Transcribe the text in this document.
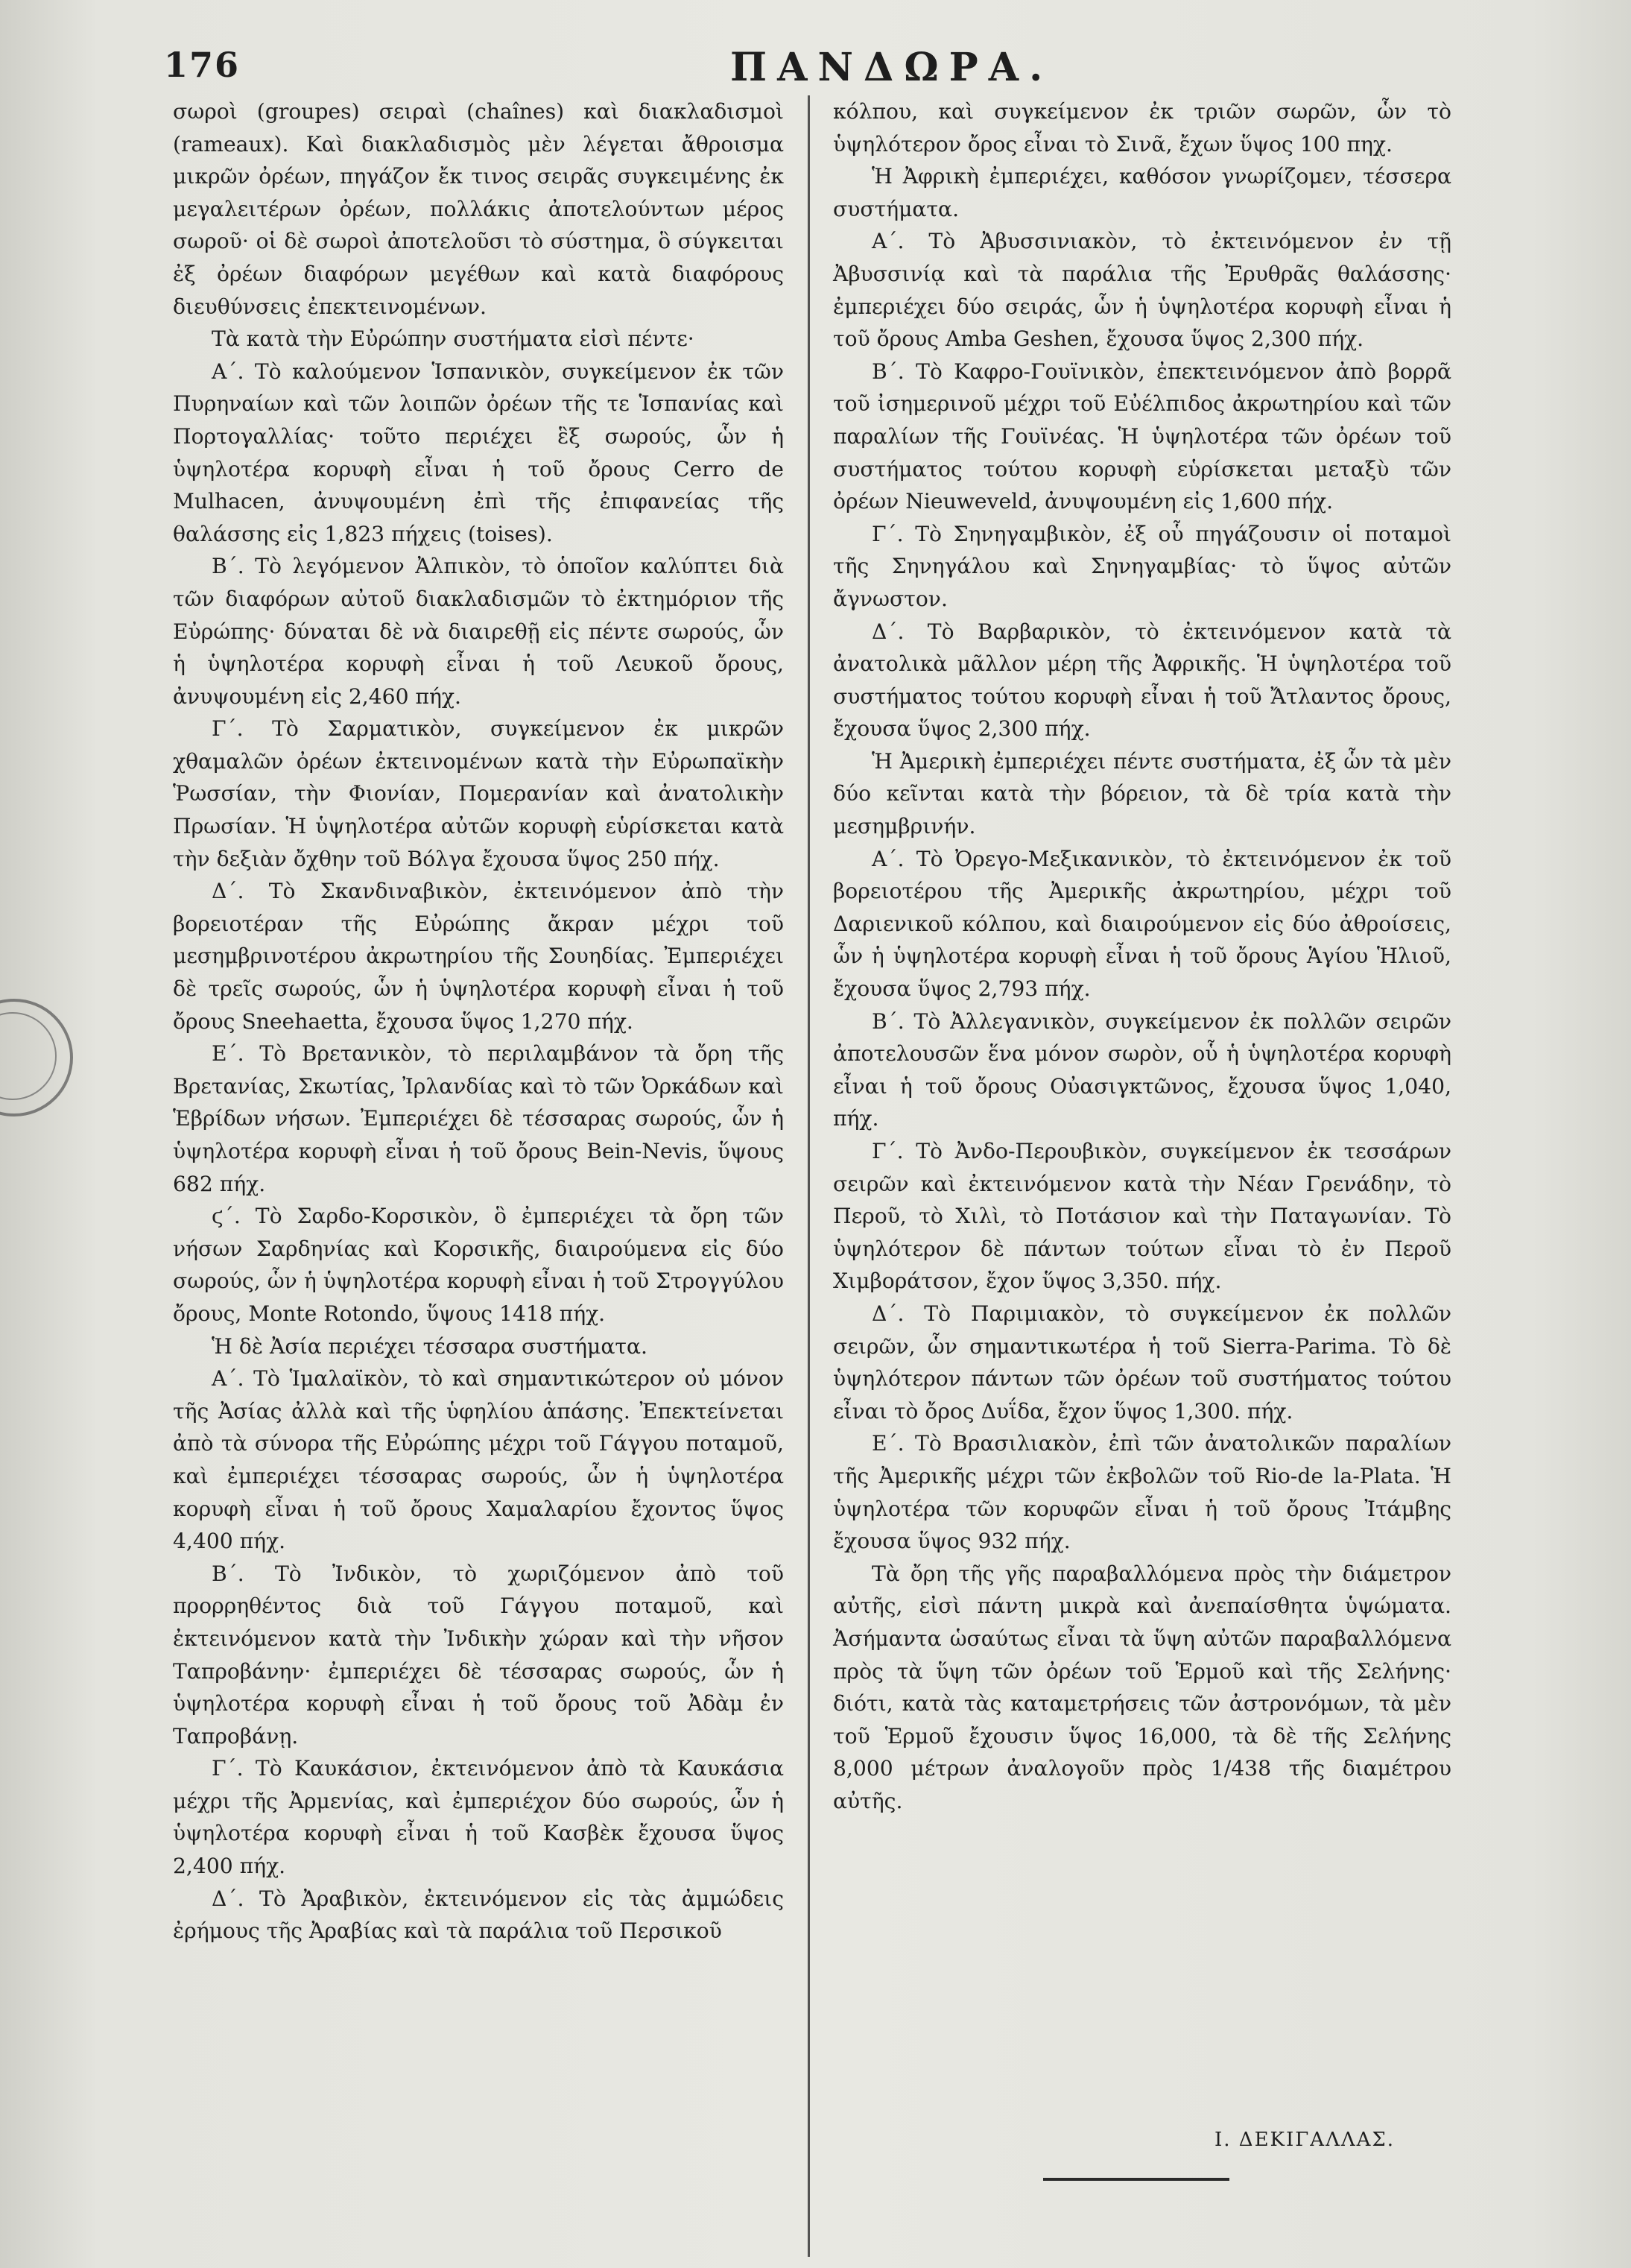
176	ΠΑΝΔΩΡΑ.

σωροὶ (groupes) σειραὶ (chaînes) καὶ διακλαδισμοὶ (rameaux). Καὶ διακλαδισμὸς μὲν λέγεται ἄθροισμα μικρῶν ὀρέων, πηγάζον ἔκ τινος σειρᾶς συγκειμένης ἐκ μεγαλειτέρων ὀρέων, πολλάκις ἀποτελούντων μέρος σωροῦ· οἱ δὲ σωροὶ ἀποτελοῦσι τὸ σύστημα, ὃ σύγκειται ἐξ ὀρέων διαφόρων μεγέθων καὶ κατὰ διαφόρους διευθύνσεις ἐπεκτεινομένων.

Τὰ κατὰ τὴν Εὐρώπην συστήματα εἰσὶ πέντε·

Α΄. Τὸ καλούμενον Ἱσπανικὸν, συγκείμενον ἐκ τῶν Πυρηναίων καὶ τῶν λοιπῶν ὀρέων τῆς τε Ἱσπανίας καὶ Πορτογαλλίας· τοῦτο περιέχει ἓξ σωρούς, ὧν ἡ ὑψηλοτέρα κορυφὴ εἶναι ἡ τοῦ ὄρους Cerro de Mulhacen, ἀνυψουμένη ἐπὶ τῆς ἐπιφανείας τῆς θαλάσσης εἰς 1,823 πήχεις (toises).

Β΄. Τὸ λεγόμενον Ἀλπικὸν, τὸ ὁποῖον καλύπτει διὰ τῶν διαφόρων αὐτοῦ διακλαδισμῶν τὸ ἐκτημόριον τῆς Εὐρώπης· δύναται δὲ νὰ διαιρεθῇ εἰς πέντε σωρούς, ὧν ἡ ὑψηλοτέρα κορυφὴ εἶναι ἡ τοῦ Λευκοῦ ὄρους, ἀνυψουμένη εἰς 2,460 πήχ.

Γ΄. Τὸ Σαρματικὸν, συγκείμενον ἐκ μικρῶν χθαμαλῶν ὀρέων ἐκτεινομένων κατὰ τὴν Εὐρωπαϊκὴν Ῥωσσίαν, τὴν Φιονίαν, Πομερανίαν καὶ ἀνατολικὴν Πρωσίαν. Ἡ ὑψηλοτέρα αὐτῶν κορυφὴ εὑρίσκεται κατὰ τὴν δεξιὰν ὄχθην τοῦ Βόλγα ἔχουσα ὕψος 250 πήχ.

Δ΄. Τὸ Σκανδιναβικὸν, ἐκτεινόμενον ἀπὸ τὴν βορειοτέραν τῆς Εὐρώπης ἄκραν μέχρι τοῦ μεσημβρινοτέρου ἀκρωτηρίου τῆς Σουηδίας. Ἐμπεριέχει δὲ τρεῖς σωρούς, ὧν ἡ ὑψηλοτέρα κορυφὴ εἶναι ἡ τοῦ ὄρους Sneehaetta, ἔχουσα ὕψος 1,270 πήχ.

Ε΄. Τὸ Βρετανικὸν, τὸ περιλαμβάνον τὰ ὄρη τῆς Βρετανίας, Σκωτίας, Ἰρλανδίας καὶ τὸ τῶν Ὀρκάδων καὶ Ἑβρίδων νήσων. Ἐμπεριέχει δὲ τέσσαρας σωρούς, ὧν ἡ ὑψηλοτέρα κορυφὴ εἶναι ἡ τοῦ ὄρους Bein-Nevis, ὕψους 682 πήχ.

ϛ΄. Τὸ Σαρδο-Κορσικὸν, ὃ ἐμπεριέχει τὰ ὄρη τῶν νήσων Σαρδηνίας καὶ Κορσικῆς, διαιρούμενα εἰς δύο σωρούς, ὧν ἡ ὑψηλοτέρα κορυφὴ εἶναι ἡ τοῦ Στρογγύλου ὄρους, Monte Rotondo, ὕψους 1418 πήχ.

Ἡ δὲ Ἀσία περιέχει τέσσαρα συστήματα.

Α΄. Τὸ Ἱμαλαϊκὸν, τὸ καὶ σημαντικώτερον οὐ μόνον τῆς Ἀσίας ἀλλὰ καὶ τῆς ὑφηλίου ἁπάσης. Ἐπεκτείνεται ἀπὸ τὰ σύνορα τῆς Εὐρώπης μέχρι τοῦ Γάγγου ποταμοῦ, καὶ ἐμπεριέχει τέσσαρας σωρούς, ὧν ἡ ὑψηλοτέρα κορυφὴ εἶναι ἡ τοῦ ὄρους Χαμαλαρίου ἔχοντος ὕψος 4,400 πήχ.

Β΄. Τὸ Ἰνδικὸν, τὸ χωριζόμενον ἀπὸ τοῦ προρρηθέντος διὰ τοῦ Γάγγου ποταμοῦ, καὶ ἐκτεινόμενον κατὰ τὴν Ἰνδικὴν χώραν καὶ τὴν νῆσον Ταπροβάνην· ἐμπεριέχει δὲ τέσσαρας σωρούς, ὧν ἡ ὑψηλοτέρα κορυφὴ εἶναι ἡ τοῦ ὄρους τοῦ Ἀδὰμ ἐν Ταπροβάνῃ.

Γ΄. Τὸ Καυκάσιον, ἐκτεινόμενον ἀπὸ τὰ Καυκάσια μέχρι τῆς Ἀρμενίας, καὶ ἐμπεριέχον δύο σωρούς, ὧν ἡ ὑψηλοτέρα κορυφὴ εἶναι ἡ τοῦ Κασβὲκ ἔχουσα ὕψος 2,400 πήχ.

Δ΄. Τὸ Ἀραβικὸν, ἐκτεινόμενον εἰς τὰς ἀμμώδεις ἐρήμους τῆς Ἀραβίας καὶ τὰ παράλια τοῦ Περσικοῦ

κόλπου, καὶ συγκείμενον ἐκ τριῶν σωρῶν, ὧν τὸ ὑψηλότερον ὄρος εἶναι τὸ Σινᾶ, ἔχων ὕψος 100 πηχ.

Ἡ Ἀφρικὴ ἐμπεριέχει, καθόσον γνωρίζομεν, τέσσερα συστήματα.

Α΄. Τὸ Ἀβυσσινιακὸν, τὸ ἐκτεινόμενον ἐν τῇ Ἀβυσσινίᾳ καὶ τὰ παράλια τῆς Ἐρυθρᾶς θαλάσσης· ἐμπεριέχει δύο σειράς, ὧν ἡ ὑψηλοτέρα κορυφὴ εἶναι ἡ τοῦ ὄρους Amba Geshen, ἔχουσα ὕψος 2,300 πήχ.

Β΄. Τὸ Καφρο-Γουϊνικὸν, ἐπεκτεινόμενον ἀπὸ βορρᾶ τοῦ ἰσημερινοῦ μέχρι τοῦ Εὐέλπιδος ἀκρωτηρίου καὶ τῶν παραλίων τῆς Γουϊνέας. Ἡ ὑψηλοτέρα τῶν ὀρέων τοῦ συστήματος τούτου κορυφὴ εὑρίσκεται μεταξὺ τῶν ὀρέων Nieuweveld, ἀνυψουμένη εἰς 1,600 πήχ.

Γ΄. Τὸ Σηνηγαμβικὸν, ἐξ οὗ πηγάζουσιν οἱ ποταμοὶ τῆς Σηνηγάλου καὶ Σηνηγαμβίας· τὸ ὕψος αὐτῶν ἄγνωστον.

Δ΄. Τὸ Βαρβαρικὸν, τὸ ἐκτεινόμενον κατὰ τὰ ἀνατολικὰ μᾶλλον μέρη τῆς Ἀφρικῆς. Ἡ ὑψηλοτέρα τοῦ συστήματος τούτου κορυφὴ εἶναι ἡ τοῦ Ἄτλαντος ὄρους, ἔχουσα ὕψος 2,300 πήχ.

Ἡ Ἀμερικὴ ἐμπεριέχει πέντε συστήματα, ἐξ ὧν τὰ μὲν δύο κεῖνται κατὰ τὴν βόρειον, τὰ δὲ τρία κατὰ τὴν μεσημβρινήν.

Α΄. Τὸ Ὀρεγο-Μεξικανικὸν, τὸ ἐκτεινόμενον ἐκ τοῦ βορειοτέρου τῆς Ἀμερικῆς ἀκρωτηρίου, μέχρι τοῦ Δαριενικοῦ κόλπου, καὶ διαιρούμενον εἰς δύο ἀθροίσεις, ὧν ἡ ὑψηλοτέρα κορυφὴ εἶναι ἡ τοῦ ὄρους Ἁγίου Ἡλιοῦ, ἔχουσα ὕψος 2,793 πήχ.

Β΄. Τὸ Ἀλλεγανικὸν, συγκείμενον ἐκ πολλῶν σειρῶν ἀποτελουσῶν ἕνα μόνον σωρὸν, οὗ ἡ ὑψηλοτέρα κορυφὴ εἶναι ἡ τοῦ ὄρους Οὐασιγκτῶνος, ἔχουσα ὕψος 1,040, πήχ.

Γ΄. Τὸ Ἀνδο-Περουβικὸν, συγκείμενον ἐκ τεσσάρων σειρῶν καὶ ἐκτεινόμενον κατὰ τὴν Νέαν Γρενάδην, τὸ Περοῦ, τὸ Χιλὶ, τὸ Ποτάσιον καὶ τὴν Παταγωνίαν. Τὸ ὑψηλότερον δὲ πάντων τούτων εἶναι τὸ ἐν Περοῦ Χιμβοράτσον, ἔχον ὕψος 3,350. πήχ.

Δ΄. Τὸ Παριμιακὸν, τὸ συγκείμενον ἐκ πολλῶν σειρῶν, ὧν σημαντικωτέρα ἡ τοῦ Sierra-Parima. Τὸ δὲ ὑψηλότερον πάντων τῶν ὀρέων τοῦ συστήματος τούτου εἶναι τὸ ὄρος Δυΐδα, ἔχον ὕψος 1,300. πήχ.

Ε΄. Τὸ Βρασιλιακὸν, ἐπὶ τῶν ἀνατολικῶν παραλίων τῆς Ἀμερικῆς μέχρι τῶν ἐκβολῶν τοῦ Rio-de la-Plata. Ἡ ὑψηλοτέρα τῶν κορυφῶν εἶναι ἡ τοῦ ὄρους Ἰτάμβης ἔχουσα ὕψος 932 πήχ.

Τὰ ὄρη τῆς γῆς παραβαλλόμενα πρὸς τὴν διάμετρον αὐτῆς, εἰσὶ πάντη μικρὰ καὶ ἀνεπαίσθητα ὑψώματα. Ἀσήμαντα ὡσαύτως εἶναι τὰ ὕψη αὐτῶν παραβαλλόμενα πρὸς τὰ ὕψη τῶν ὀρέων τοῦ Ἑρμοῦ καὶ τῆς Σελήνης· διότι, κατὰ τὰς καταμετρήσεις τῶν ἀστρονόμων, τὰ μὲν τοῦ Ἑρμοῦ ἔχουσιν ὕψος 16,000, τὰ δὲ τῆς Σελήνης 8,000 μέτρων ἀναλογοῦν πρὸς 1/438 τῆς διαμέτρου αὐτῆς.

Ι. ΔΕΚΙΓΑΛΛΑΣ.
